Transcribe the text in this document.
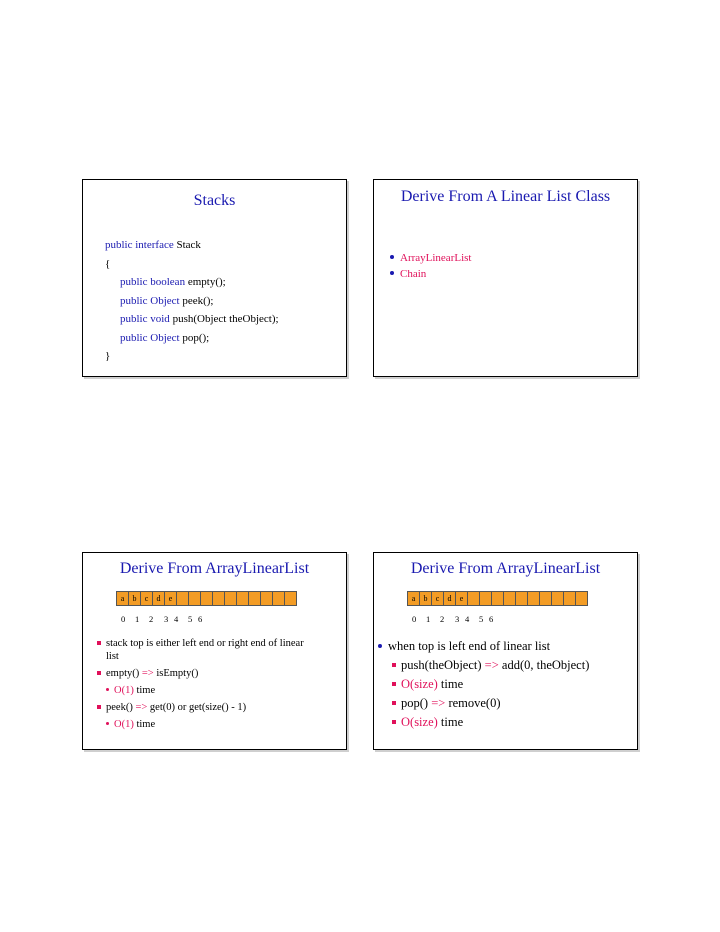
Stacks
public interface Stack
{
public boolean empty();
public Object peek();
public void push(Object theObject);
public Object pop();
}
Derive From A Linear List Class
ArrayLinearList
Chain
Derive From ArrayLinearList
a	b	c	d	e
0 1 2 3 4 5 6
stack top is either left end or right end of linear
list
empty() => isEmpty()
O(1) time
peek() => get(0) or get(size() - 1)
O(1) time
Derive From ArrayLinearList
a	b	c	d	e
0 1 2 3 4 5 6
when top is left end of linear list
push(theObject) => add(0, theObject)
O(size) time
pop() => remove(0)
O(size) time
